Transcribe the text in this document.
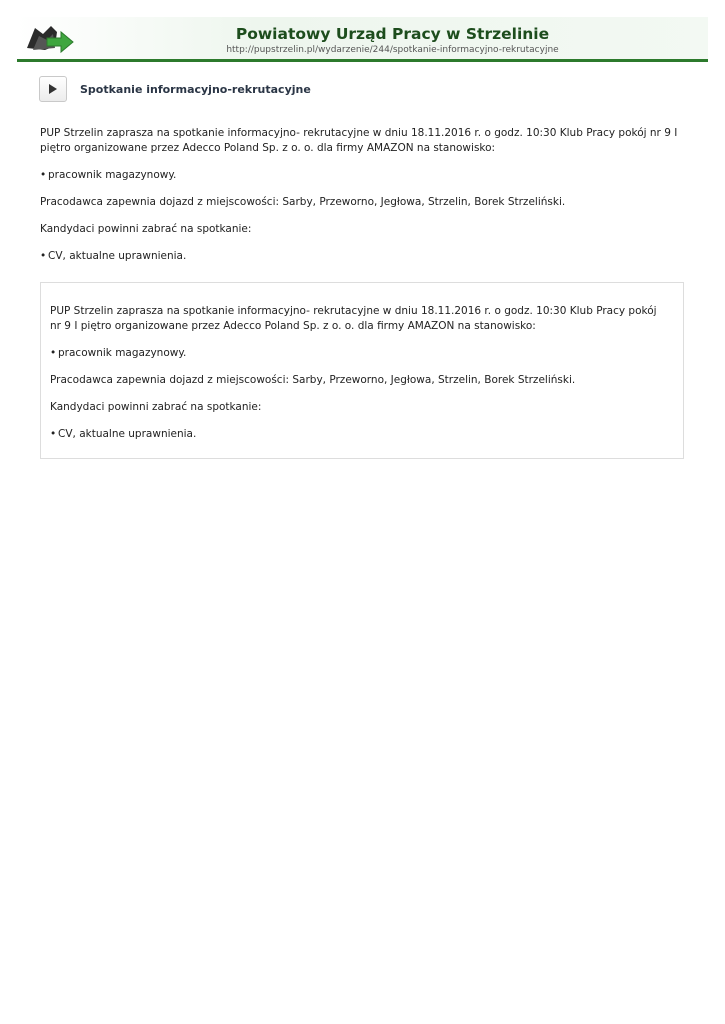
Powiatowy Urząd Pracy w Strzelinie
http://pupstrzelin.pl/wydarzenie/244/spotkanie-informacyjno-rekrutacyjne
Spotkanie informacyjno-rekrutacyjne

PUP Strzelin zaprasza na spotkanie informacyjno- rekrutacyjne w dniu 18.11.2016 r. o godz. 10:30 Klub Pracy pokój nr 9 I piętro organizowane przez Adecco Poland Sp. z o. o. dla firmy AMAZON na stanowisko:

• pracownik magazynowy.

Pracodawca zapewnia dojazd z miejscowości: Sarby, Przeworno, Jegłowa, Strzelin, Borek Strzeliński.

Kandydaci powinni zabrać na spotkanie:

• CV, aktualne uprawnienia.

PUP Strzelin zaprasza na spotkanie informacyjno- rekrutacyjne w dniu 18.11.2016 r. o godz. 10:30 Klub Pracy pokój nr 9 I piętro organizowane przez Adecco Poland Sp. z o. o. dla firmy AMAZON na stanowisko:

• pracownik magazynowy.

Pracodawca zapewnia dojazd z miejscowości: Sarby, Przeworno, Jegłowa, Strzelin, Borek Strzeliński.

Kandydaci powinni zabrać na spotkanie:

• CV, aktualne uprawnienia.
